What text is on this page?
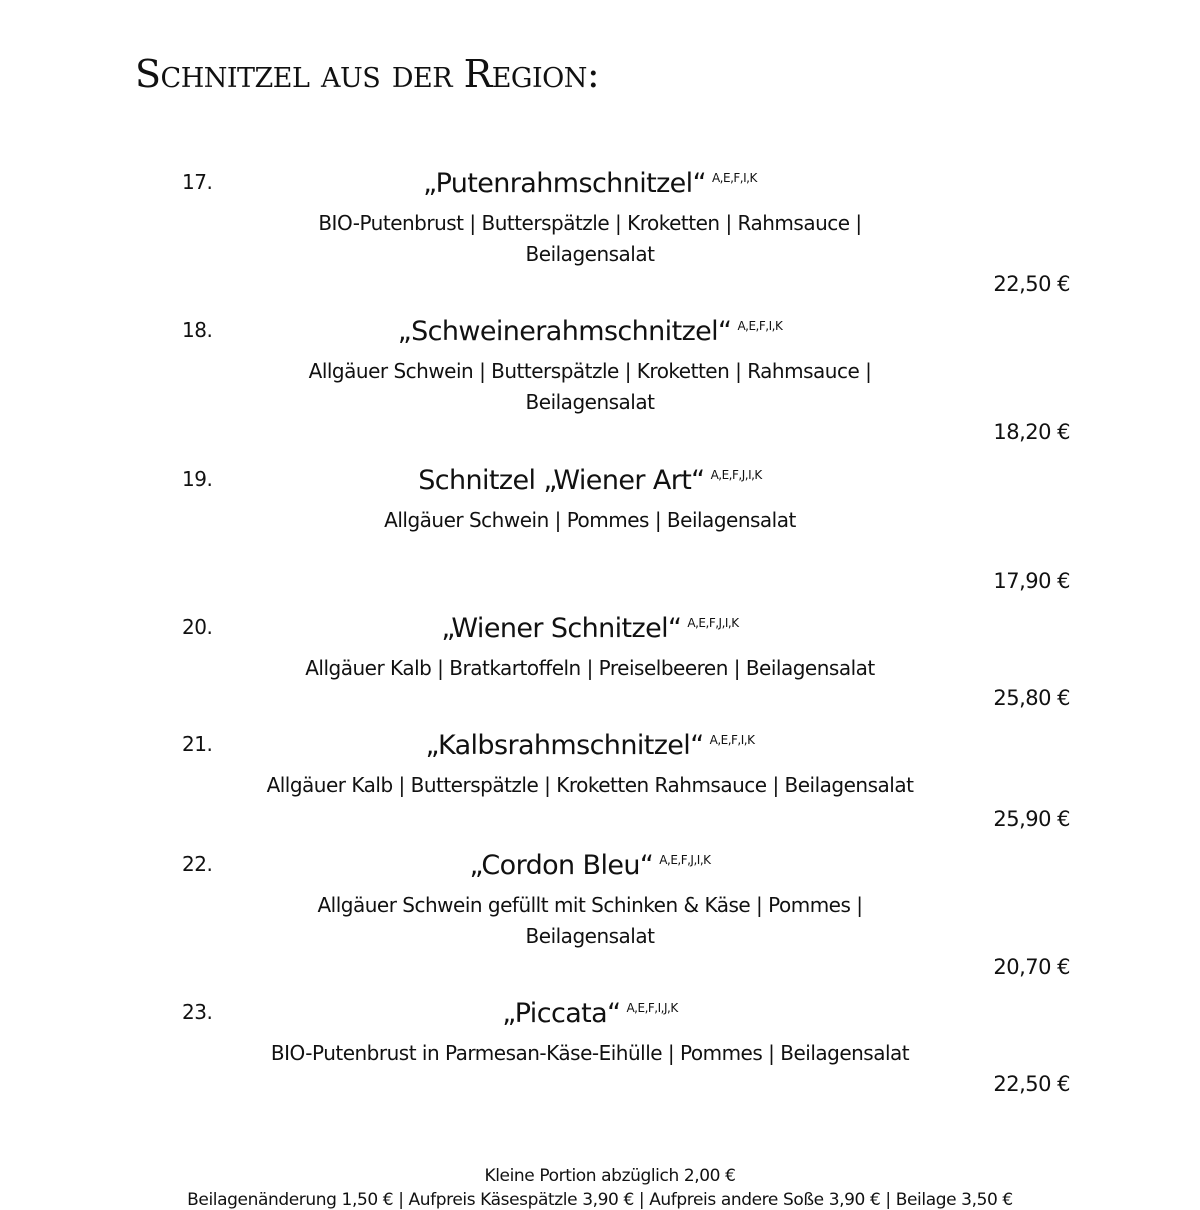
Schnitzel aus der Region:
17.	„Putenrahmschnitzel“ $^{A,E,F,I,K}$
BIO-Putenbrust | Butterspätzle | Kroketten | Rahmsauce | Beilagensalat
22,50 €
18.	„Schweinerahmschnitzel“ $^{A,E,F,I,K}$
Allgäuer Schwein | Butterspätzle | Kroketten | Rahmsauce | Beilagensalat
18,20 €
19.	Schnitzel „Wiener Art“ $^{A,E,F,J,I,K}$
Allgäuer Schwein | Pommes | Beilagensalat
17,90 €
20.	„Wiener Schnitzel“ $^{A,E,F,J,I,K}$
Allgäuer Kalb | Bratkartoffeln | Preiselbeeren | Beilagensalat
25,80 €
21.	„Kalbsrahmschnitzel“ $^{A,E,F,I,K}$
Allgäuer Kalb | Butterspätzle | Kroketten Rahmsauce | Beilagensalat
25,90 €
22.	„Cordon Bleu“ $^{A,E,F,J,I,K}$
Allgäuer Schwein gefüllt mit Schinken & Käse | Pommes | Beilagensalat
20,70 €
23.	„Piccata“ $^{A,E,F,I,J,K}$
BIO-Putenbrust in Parmesan-Käse-Eihülle | Pommes | Beilagensalat
22,50 €
Kleine Portion abzüglich 2,00 €
Beilagenänderung 1,50 € | Aufpreis Käsespätzle 3,90 € | Aufpreis andere Soße 3,90 € | Beilage 3,50 €
